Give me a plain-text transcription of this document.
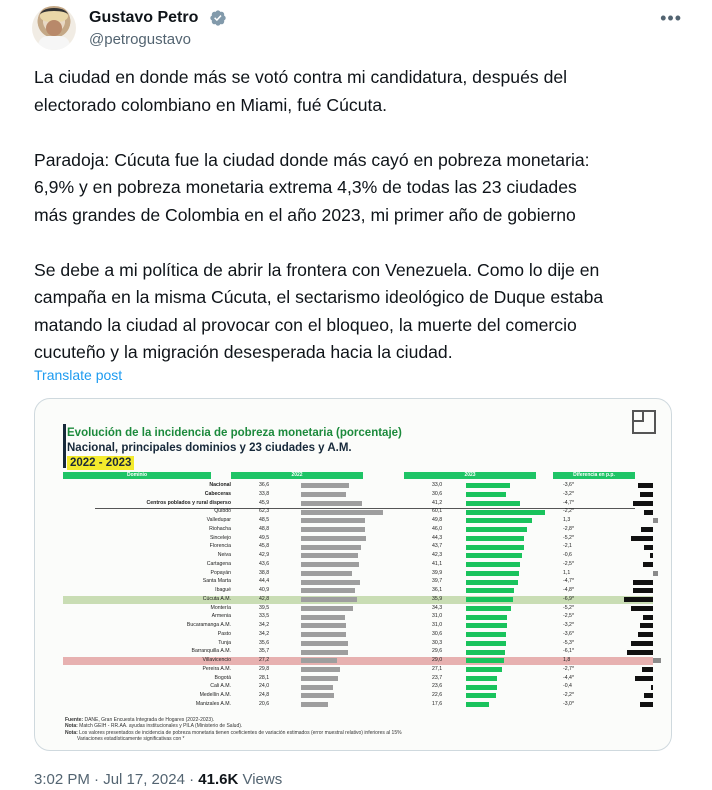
Gustavo Petro
@petrogustavo
•••

La ciudad en donde más se votó contra mi candidatura, después del
electorado colombiano en Miami, fué Cúcuta.

Paradoja: Cúcuta fue la ciudad donde más cayó en pobreza monetaria:
6,9% y en pobreza monetaria extrema 4,3% de todas las 23 ciudades
más grandes de Colombia en el año 2023, mi primer año de gobierno

Se debe a mi política de abrir la frontera con Venezuela. Como lo dije en
campaña en la misma Cúcuta, el sectarismo ideológico de Duque estaba
matando la ciudad al provocar con el bloqueo, la muerte del comercio
cucuteño y la migración desesperada hacia la ciudad.

Translate post
Evolución de la incidencia de pobreza monetaria (porcentaje)
Nacional, principales dominios y 23 ciudades y A.M.
2022 - 2023
Dominio	2022	2023	Diferencia en p.p.
Nacional	36,6	33,0	-3,6*
Cabeceras	33,8	30,6	-3,2*
Centros poblados y rural disperso	45,9	41,2	-4,7*
Quibdó	62,3	60,1	-2,2*
Valledupar	48,5	49,8	1,3
Riohacha	48,8	46,0	-2,8*
Sincelejo	49,5	44,3	-5,2*
Florencia	45,8	43,7	-2,1
Neiva	42,9	42,3	-0,6
Cartagena	43,6	41,1	-2,5*
Popayán	38,8	39,9	1,1
Santa Marta	44,4	39,7	-4,7*
Ibagué	40,9	36,1	-4,8*
Cúcuta A.M.	42,8	35,9	-6,9*
Montería	39,5	34,3	-5,2*
Armenia	33,5	31,0	-2,5*
Bucaramanga A.M.	34,2	31,0	-3,2*
Pasto	34,2	30,6	-3,6*
Tunja	35,6	30,3	-5,3*
Barranquilla A.M.	35,7	29,6	-6,1*
Villavicencio	27,2	29,0	1,8
Pereira A.M.	29,8	27,1	-2,7*
Bogotá	28,1	23,7	-4,4*
Cali A.M.	24,0	23,6	-0,4
Medellín A.M.	24,8	22,6	-2,2*
Manizales A.M.	20,6	17,6	-3,0*
Fuente: DANE, Gran Encuesta Integrada de Hogares (2022-2023).
Nota: Match GEIH - RR.AA. ayudas institucionales y PILA (Ministerio de Salud).
Nota: Los valores presentados de incidencia de pobreza monetaria tienen coeficientes de variación estimados (error muestral relativo) inferiores al 15%
Variaciones estadísticamente significativas con *
3:02 PM · Jul 17, 2024 · 41.6K Views
